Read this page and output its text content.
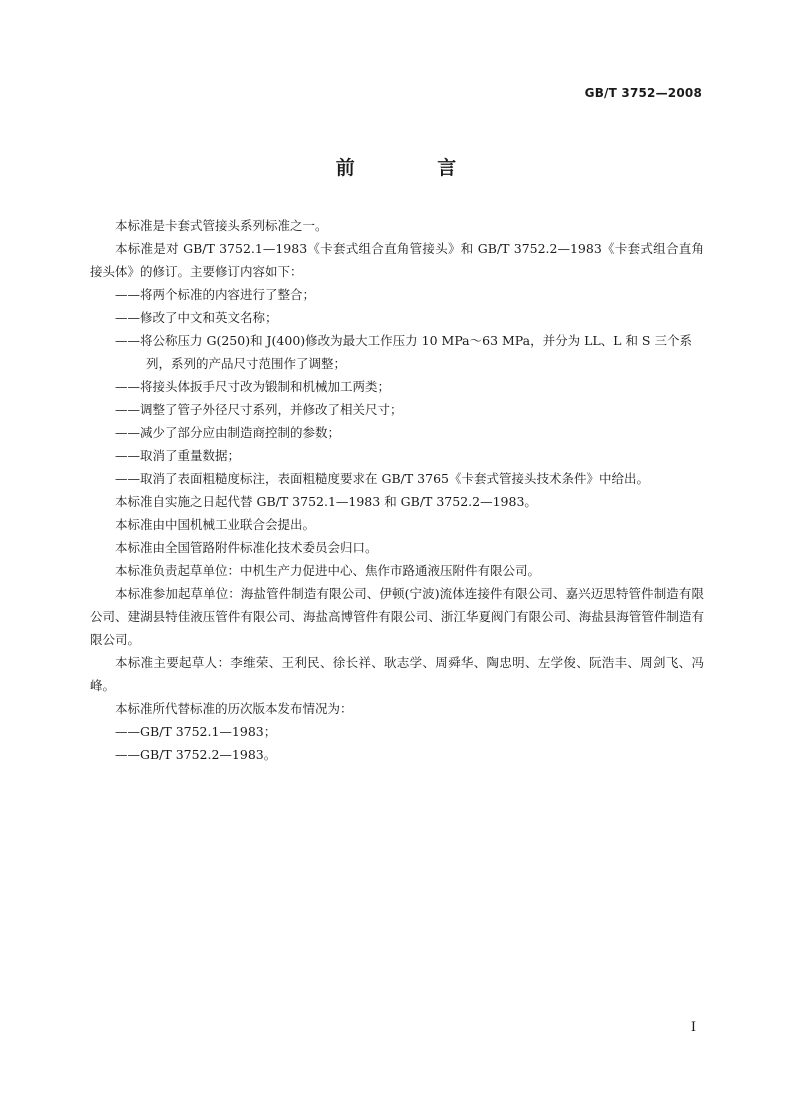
GB/T 3752—2008
前 言

本标准是卡套式管接头系列标准之一。

本标准是对 GB/T 3752.1—1983《卡套式组合直角管接头》和 GB/T 3752.2—1983《卡套式组合直角接头体》的修订。主要修订内容如下：

——将两个标准的内容进行了整合；

——修改了中文和英文名称；

——将公称压力 G(250)和 J(400)修改为最大工作压力 10 MPa～63 MPa，并分为 LL、L 和 S 三个系列，系列的产品尺寸范围作了调整；

——将接头体扳手尺寸改为锻制和机械加工两类；

——调整了管子外径尺寸系列，并修改了相关尺寸；

——减少了部分应由制造商控制的参数；

——取消了重量数据；

——取消了表面粗糙度标注，表面粗糙度要求在 GB/T 3765《卡套式管接头技术条件》中给出。

本标准自实施之日起代替 GB/T 3752.1—1983 和 GB/T 3752.2—1983。

本标准由中国机械工业联合会提出。

本标准由全国管路附件标准化技术委员会归口。

本标准负责起草单位：中机生产力促进中心、焦作市路通液压附件有限公司。

本标准参加起草单位：海盐管件制造有限公司、伊顿(宁波)流体连接件有限公司、嘉兴迈思特管件制造有限公司、建湖县特佳液压管件有限公司、海盐高博管件有限公司、浙江华夏阀门有限公司、海盐县海管管件制造有限公司。

本标准主要起草人：李维荣、王利民、徐长祥、耿志学、周舜华、陶忠明、左学俊、阮浩丰、周剑飞、冯峰。

本标准所代替标准的历次版本发布情况为：

——GB/T 3752.1—1983；

——GB/T 3752.2—1983。

I
